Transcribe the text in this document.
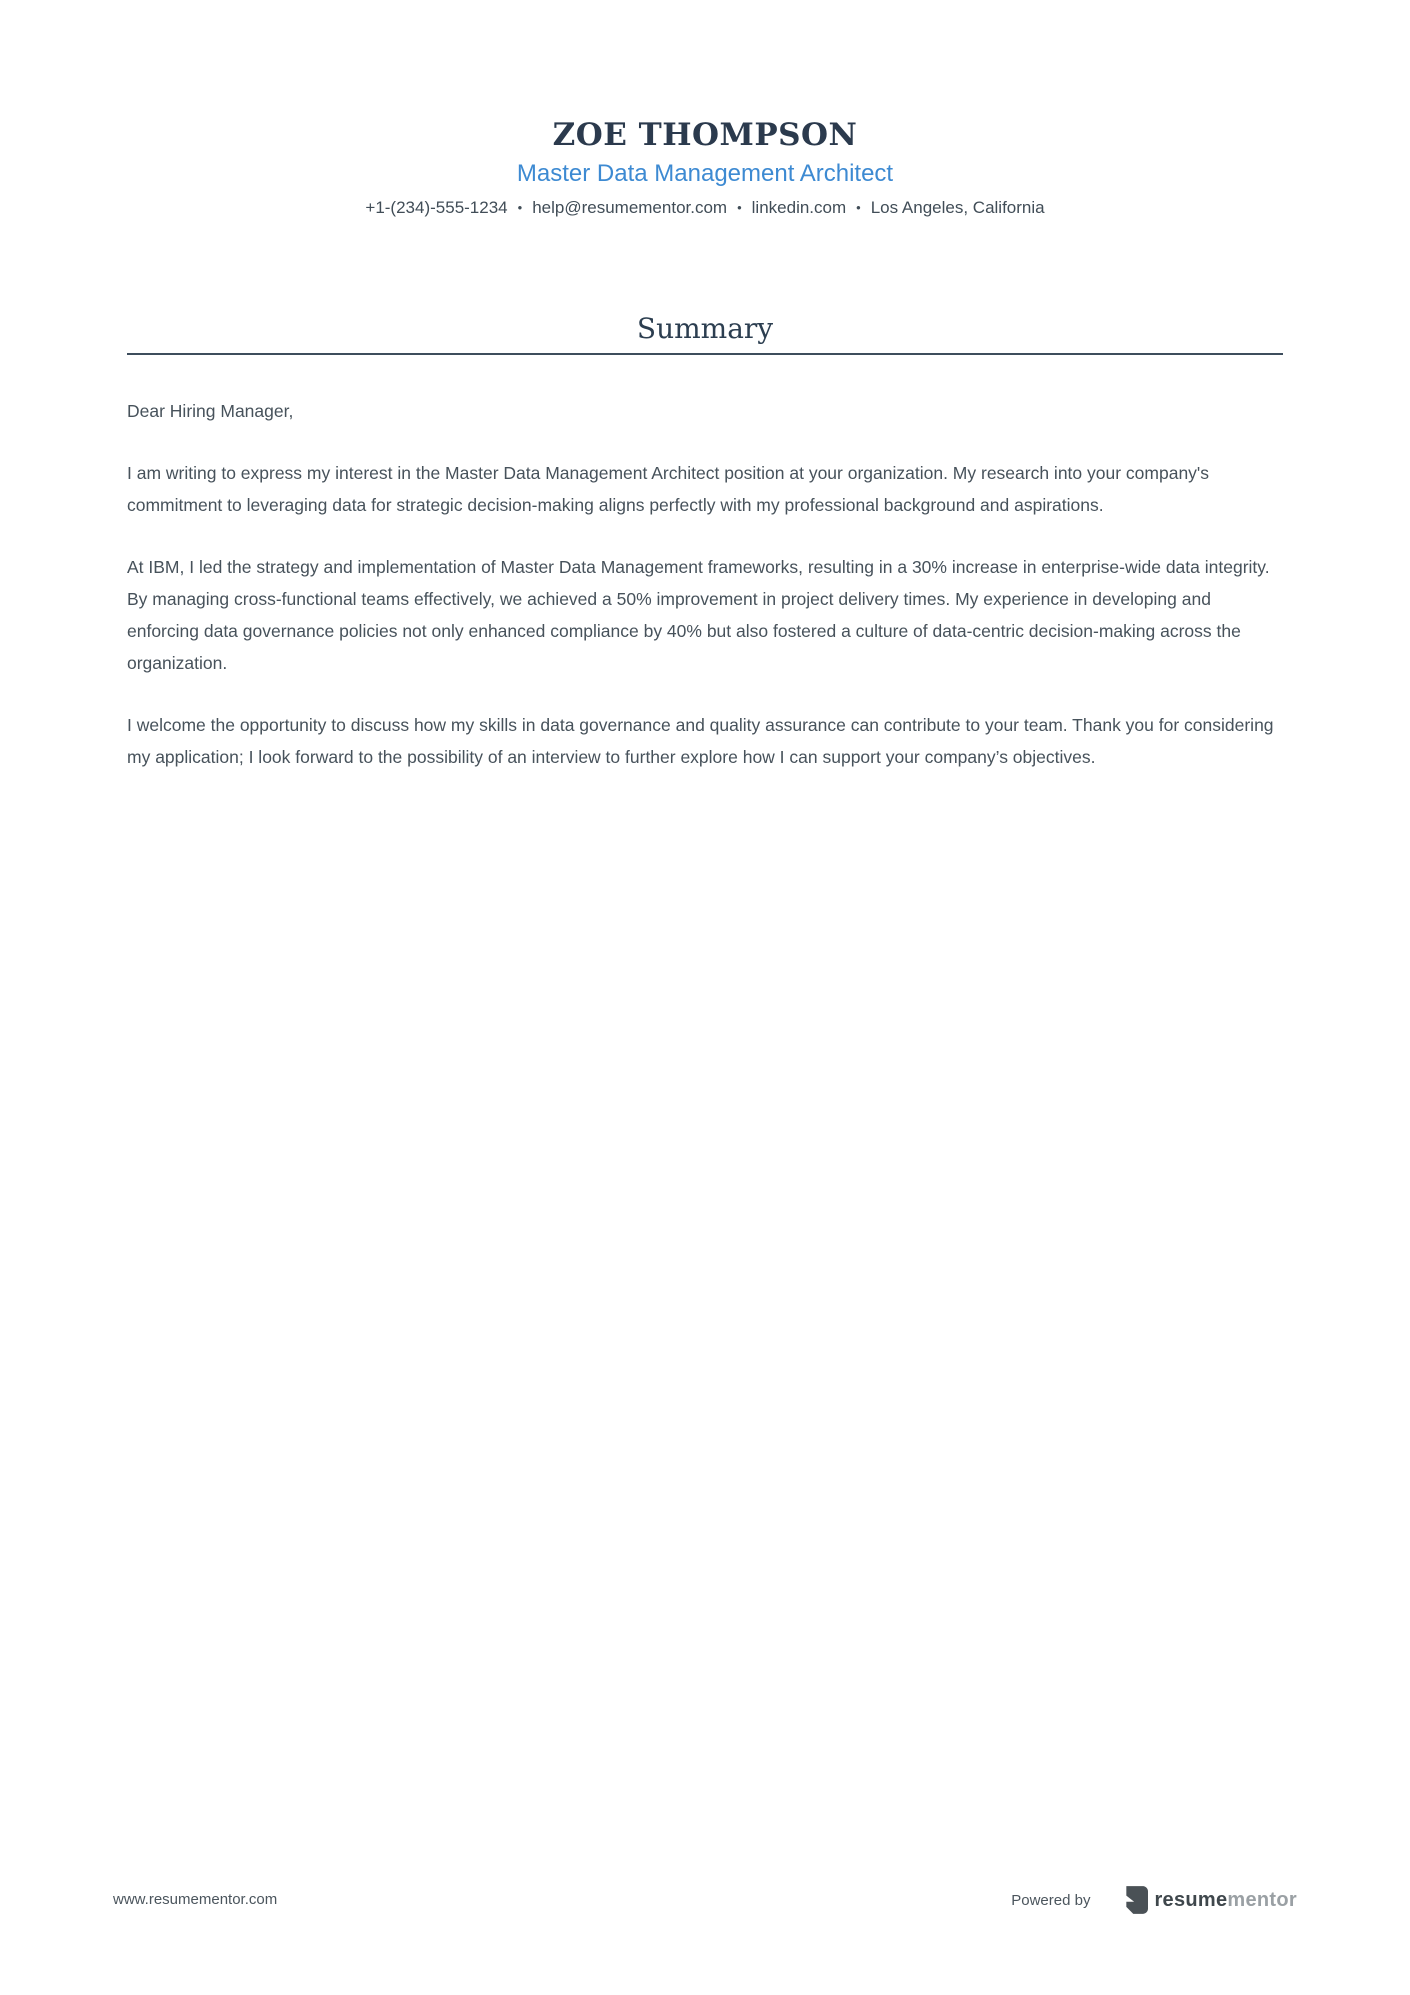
ZOE THOMPSON
Master Data Management Architect
+1-(234)-555-1234 • help@resumementor.com • linkedin.com • Los Angeles, California
Summary

Dear Hiring Manager,

I am writing to express my interest in the Master Data Management Architect position at your organization. My research into your company's commitment to leveraging data for strategic decision-making aligns perfectly with my professional background and aspirations.

At IBM, I led the strategy and implementation of Master Data Management frameworks, resulting in a 30% increase in enterprise-wide data integrity. By managing cross-functional teams effectively, we achieved a 50% improvement in project delivery times. My experience in developing and enforcing data governance policies not only enhanced compliance by 40% but also fostered a culture of data-centric decision-making across the organization.

I welcome the opportunity to discuss how my skills in data governance and quality assurance can contribute to your team. Thank you for considering my application; I look forward to the possibility of an interview to further explore how I can support your company’s objectives.

www.resumementor.com	Powered by	resumementor
